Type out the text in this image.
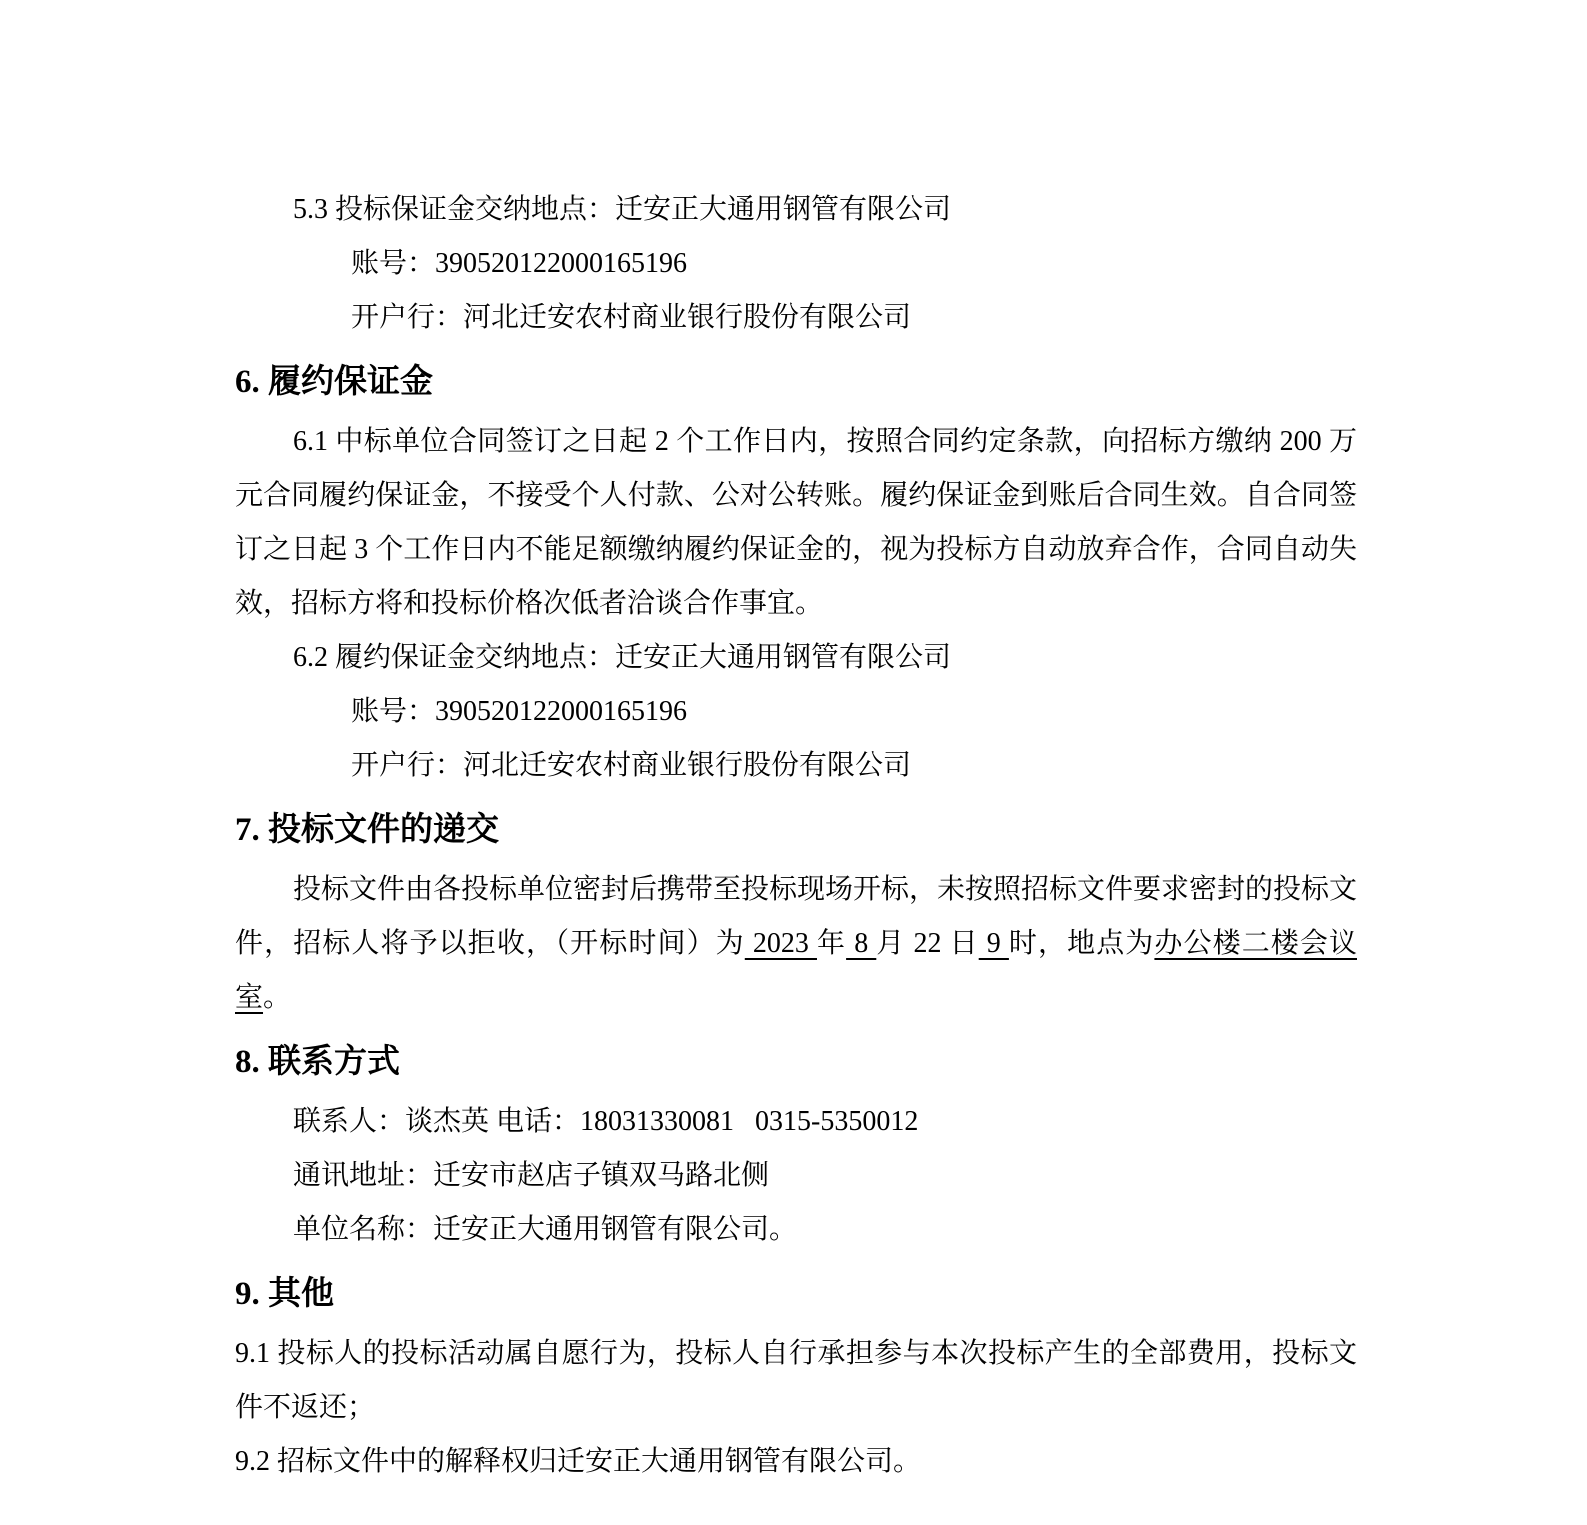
5.3 投标保证金交纳地点：迁安正大通用钢管有限公司

账号：390520122000165196

开户行：河北迁安农村商业银行股份有限公司

6. 履约保证金

6.1 中标单位合同签订之日起 2 个工作日内，按照合同约定条款，向招标方缴纳 200 万元合同履约保证金，不接受个人付款、公对公转账。履约保证金到账后合同生效。自合同签订之日起 3 个工作日内不能足额缴纳履约保证金的，视为投标方自动放弃合作，合同自动失效，招标方将和投标价格次低者洽谈合作事宜。

6.2 履约保证金交纳地点：迁安正大通用钢管有限公司

账号：390520122000165196

开户行：河北迁安农村商业银行股份有限公司

7. 投标文件的递交

投标文件由各投标单位密封后携带至投标现场开标，未按照招标文件要求密封的投标文件，招标人将予以拒收，（开标时间）为 2023 年 8 月 22 日 9 时，地点为办公楼二楼会议室。

8. 联系方式

联系人：谈杰英 电话：18031330081   0315-5350012

通讯地址：迁安市赵店子镇双马路北侧

单位名称：迁安正大通用钢管有限公司。

9. 其他

9.1 投标人的投标活动属自愿行为，投标人自行承担参与本次投标产生的全部费用，投标文件不返还；

9.2 招标文件中的解释权归迁安正大通用钢管有限公司。
